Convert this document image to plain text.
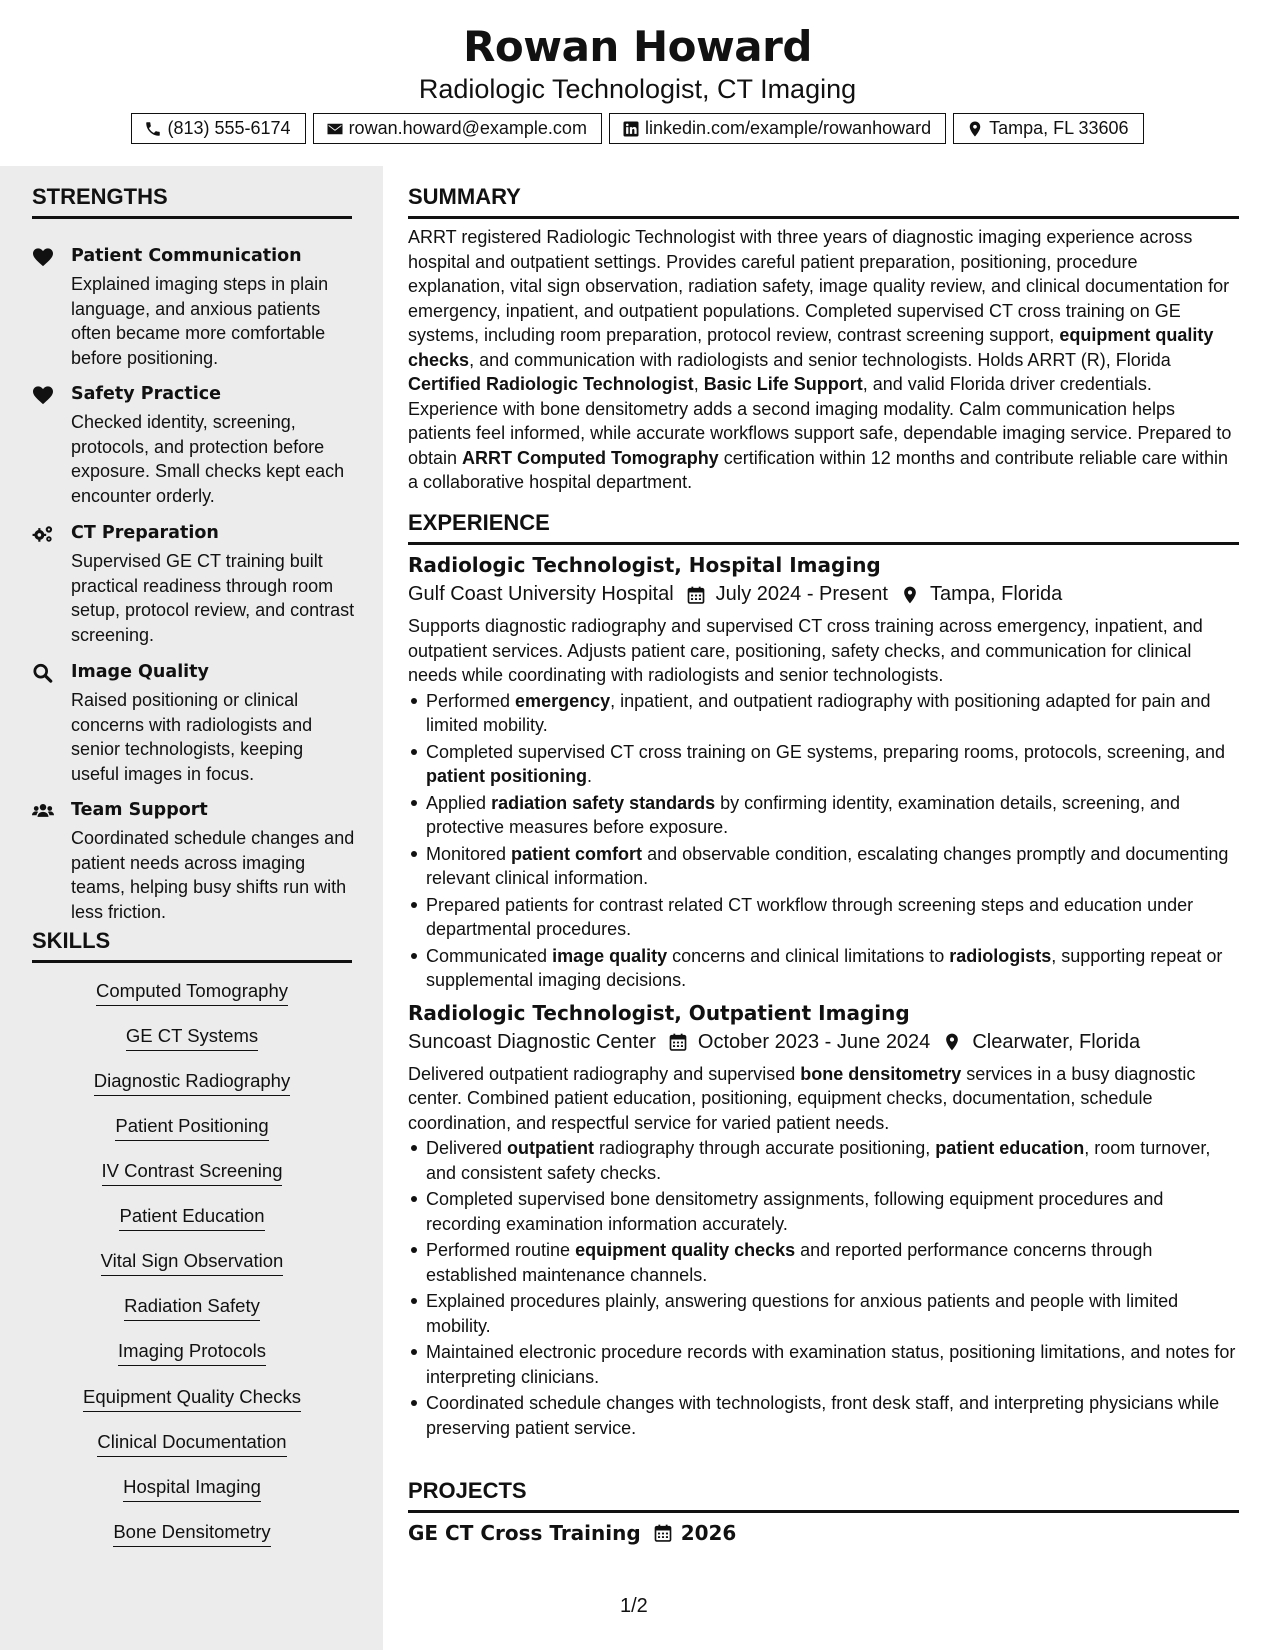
Rowan Howard
Radiologic Technologist, CT Imaging
(813) 555-6174	rowan.howard@example.com	linkedin.com/example/rowanhoward	Tampa, FL 33606
STRENGTHS
Patient Communication
Explained imaging steps in plain language, and anxious patients often became more comfortable before positioning.
Safety Practice
Checked identity, screening, protocols, and protection before exposure. Small checks kept each encounter orderly.
CT Preparation
Supervised GE CT training built practical readiness through room setup, protocol review, and contrast screening.
Image Quality
Raised positioning or clinical concerns with radiologists and senior technologists, keeping useful images in focus.
Team Support
Coordinated schedule changes and patient needs across imaging teams, helping busy shifts run with less friction.
SKILLS
Computed Tomography
GE CT Systems
Diagnostic Radiography
Patient Positioning
IV Contrast Screening
Patient Education
Vital Sign Observation
Radiation Safety
Imaging Protocols
Equipment Quality Checks
Clinical Documentation
Hospital Imaging
Bone Densitometry
SUMMARY
ARRT registered Radiologic Technologist with three years of diagnostic imaging experience across hospital and outpatient settings. Provides careful patient preparation, positioning, procedure explanation, vital sign observation, radiation safety, image quality review, and clinical documentation for emergency, inpatient, and outpatient populations. Completed supervised CT cross training on GE systems, including room preparation, protocol review, contrast screening support, equipment quality checks, and communication with radiologists and senior technologists. Holds ARRT (R), Florida Certified Radiologic Technologist, Basic Life Support, and valid Florida driver credentials. Experience with bone densitometry adds a second imaging modality. Calm communication helps patients feel informed, while accurate workflows support safe, dependable imaging service. Prepared to obtain ARRT Computed Tomography certification within 12 months and contribute reliable care within a collaborative hospital department.
EXPERIENCE
Radiologic Technologist, Hospital Imaging
Gulf Coast University Hospital July 2024 - Present Tampa, Florida
Supports diagnostic radiography and supervised CT cross training across emergency, inpatient, and outpatient services. Adjusts patient care, positioning, safety checks, and communication for clinical needs while coordinating with radiologists and senior technologists.
Performed emergency, inpatient, and outpatient radiography with positioning adapted for pain and limited mobility.
Completed supervised CT cross training on GE systems, preparing rooms, protocols, screening, and patient positioning.
Applied radiation safety standards by confirming identity, examination details, screening, and protective measures before exposure.
Monitored patient comfort and observable condition, escalating changes promptly and documenting relevant clinical information.
Prepared patients for contrast related CT workflow through screening steps and education under departmental procedures.
Communicated image quality concerns and clinical limitations to radiologists, supporting repeat or supplemental imaging decisions.
Radiologic Technologist, Outpatient Imaging
Suncoast Diagnostic Center October 2023 - June 2024 Clearwater, Florida
Delivered outpatient radiography and supervised bone densitometry services in a busy diagnostic center. Combined patient education, positioning, equipment checks, documentation, schedule coordination, and respectful service for varied patient needs.
Delivered outpatient radiography through accurate positioning, patient education, room turnover, and consistent safety checks.
Completed supervised bone densitometry assignments, following equipment procedures and recording examination information accurately.
Performed routine equipment quality checks and reported performance concerns through established maintenance channels.
Explained procedures plainly, answering questions for anxious patients and people with limited mobility.
Maintained electronic procedure records with examination status, positioning limitations, and notes for interpreting clinicians.
Coordinated schedule changes with technologists, front desk staff, and interpreting physicians while preserving patient service.
PROJECTS
GE CT Cross Training 2026
1/2
